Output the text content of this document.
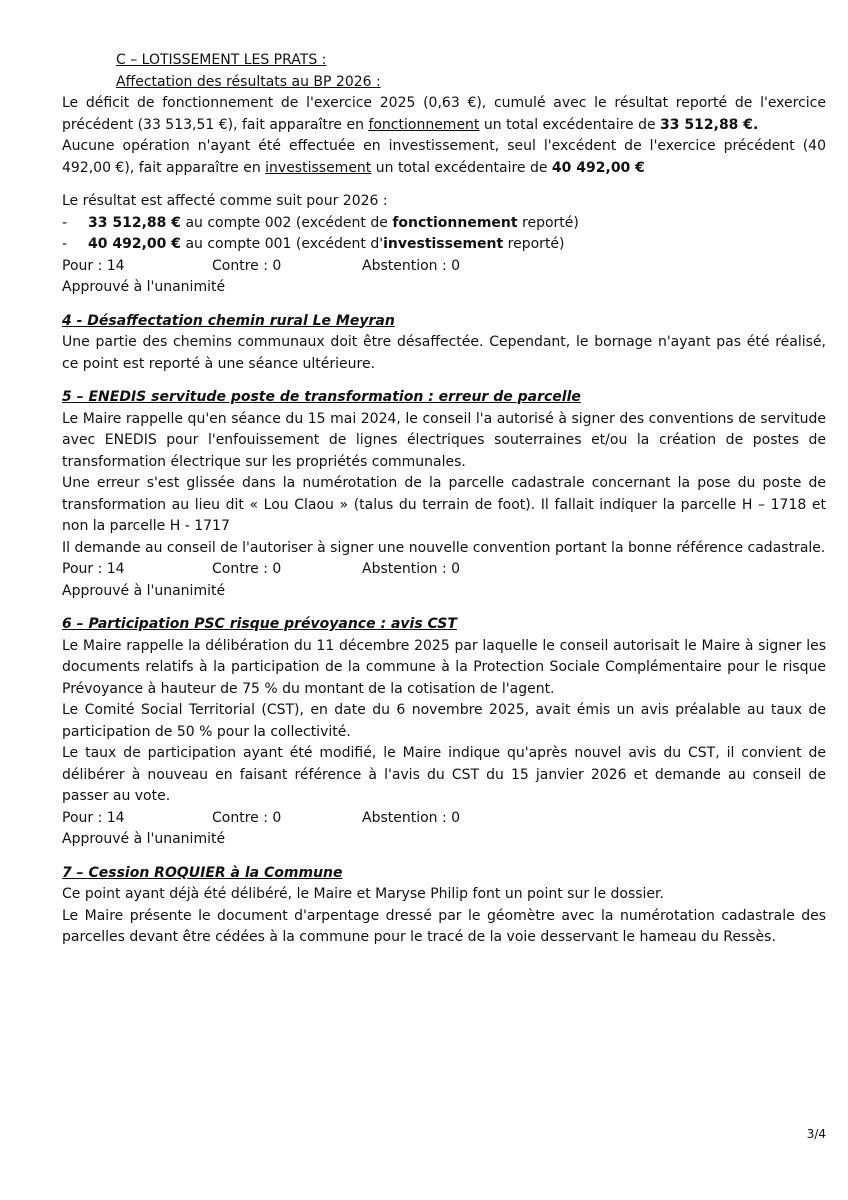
C – LOTISSEMENT LES PRATS :
Affectation des résultats au BP 2026 :

Le déficit de fonctionnement de l'exercice 2025 (0,63 €), cumulé avec le résultat reporté de l'exercice précédent (33 513,51 €), fait apparaître en fonctionnement un total excédentaire de 33 512,88 €.

Aucune opération n'ayant été effectuée en investissement, seul l'excédent de l'exercice précédent (40 492,00 €), fait apparaître en investissement un total excédentaire de 40 492,00 €

Le résultat est affecté comme suit pour 2026 :

- 33 512,88 € au compte 002 (excédent de fonctionnement reporté)

- 40 492,00 € au compte 001 (excédent d'investissement reporté)

Pour : 14	Contre : 0	Abstention : 0

Approuvé à l'unanimité

4 - Désaffectation chemin rural Le Meyran

Une partie des chemins communaux doit être désaffectée. Cependant, le bornage n'ayant pas été réalisé, ce point est reporté à une séance ultérieure.

5 – ENEDIS servitude poste de transformation : erreur de parcelle

Le Maire rappelle qu'en séance du 15 mai 2024, le conseil l'a autorisé à signer des conventions de servitude avec ENEDIS pour l'enfouissement de lignes électriques souterraines et/ou la création de postes de transformation électrique sur les propriétés communales.

Une erreur s'est glissée dans la numérotation de la parcelle cadastrale concernant la pose du poste de transformation au lieu dit « Lou Claou » (talus du terrain de foot). Il fallait indiquer la parcelle H – 1718 et non la parcelle H - 1717

Il demande au conseil de l'autoriser à signer une nouvelle convention portant la bonne référence cadastrale.

Pour : 14	Contre : 0	Abstention : 0

Approuvé à l'unanimité

6 – Participation PSC risque prévoyance : avis CST

Le Maire rappelle la délibération du 11 décembre 2025 par laquelle le conseil autorisait le Maire à signer les documents relatifs à la participation de la commune à la Protection Sociale Complémentaire pour le risque Prévoyance à hauteur de 75 % du montant de la cotisation de l'agent.

Le Comité Social Territorial (CST), en date du 6 novembre 2025, avait émis un avis préalable au taux de participation de 50 % pour la collectivité.

Le taux de participation ayant été modifié, le Maire indique qu'après nouvel avis du CST, il convient de délibérer à nouveau en faisant référence à l'avis du CST du 15 janvier 2026 et demande au conseil de passer au vote.

Pour : 14	Contre : 0	Abstention : 0

Approuvé à l'unanimité

7 – Cession ROQUIER à la Commune

Ce point ayant déjà été délibéré, le Maire et Maryse Philip font un point sur le dossier.

Le Maire présente le document d'arpentage dressé par le géomètre avec la numérotation cadastrale des parcelles devant être cédées à la commune pour le tracé de la voie desservant le hameau du Ressès.

3/4
